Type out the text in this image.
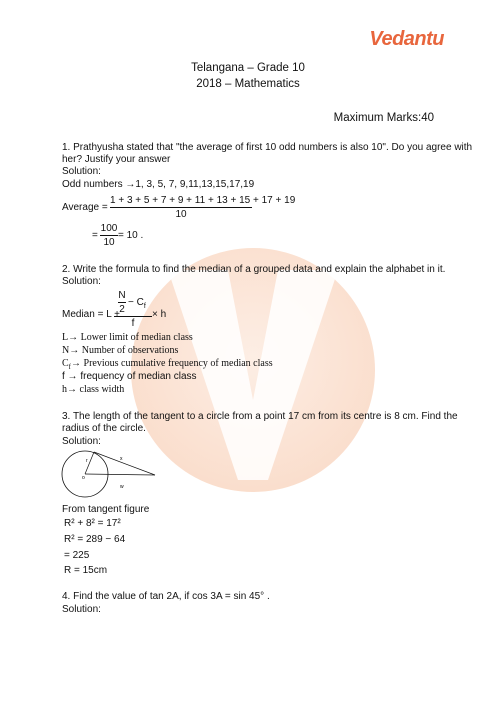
Vedantu
Telangana – Grade 10
2018 – Mathematics
Maximum Marks:40
1. Prathyusha stated that "the average of first 10 odd numbers is also 10". Do you agree with
her? Justify your answer
Solution:
Odd numbers →1, 3, 5, 7, 9,11,13,15,17,19
Average =
1 + 3 + 5 + 7 + 9 + 11 + 13 + 15 + 17 + 19
10
=
100
10
= 10 .
2. Write the formula to find the median of a grouped data and explain the alphabet in it.
Solution:
Median = L +
N
2
− $C_f$
f
× h
L→ Lower limit of median class
N→ Number of observations
$C_f\to$ Previous cumulative frequency of median class
f → frequency of median class
h→ class width
3. The length of the tangent to a circle from a point 17 cm from its centre is 8 cm. Find the
radius of the circle.
Solution:
o
r	x
w
From tangent figure
R² + 8² = 17²
R² = 289 − 64
= 225
R = 15cm
4. Find the value of tan 2A, if cos 3A = sin 45° .
Solution:
